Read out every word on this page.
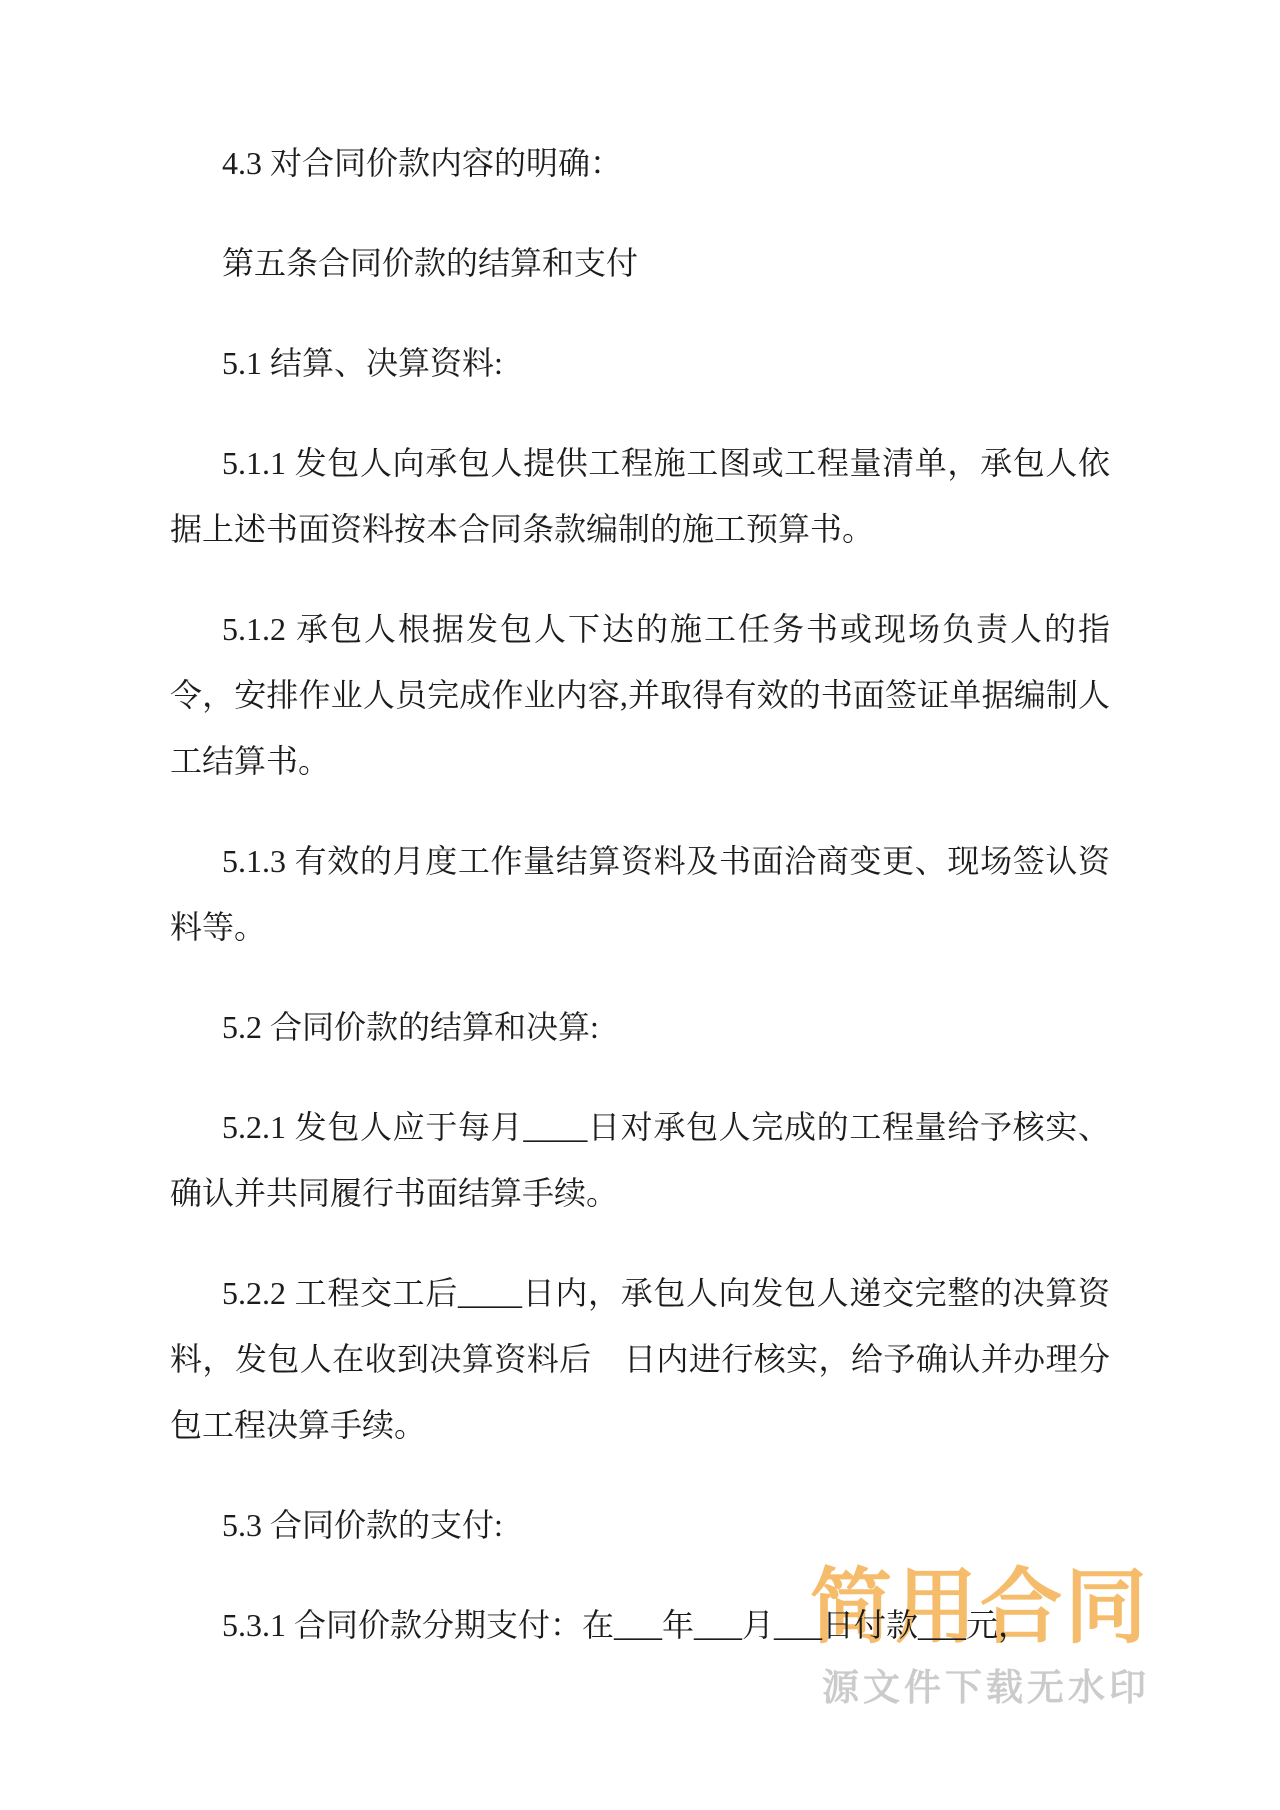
简用合同
源文件下载无水印

4.3 对合同价款内容的明确：

第五条合同价款的结算和支付

5.1 结算、决算资料:

5.1.1 发包人向承包人提供工程施工图或工程量清单，承包人依据上述书面资料按本合同条款编制的施工预算书。

5.1.2 承包人根据发包人下达的施工任务书或现场负责人的指令，安排作业人员完成作业内容,并取得有效的书面签证单据编制人工结算书。

5.1.3 有效的月度工作量结算资料及书面洽商变更、现场签认资料等。

5.2 合同价款的结算和决算:

5.2.1 发包人应于每月____日对承包人完成的工程量给予核实、确认并共同履行书面结算手续。

5.2.2 工程交工后____日内，承包人向发包人递交完整的决算资料，发包人在收到决算资料后　日内进行核实，给予确认并办理分包工程决算手续。

5.3 合同价款的支付:

5.3.1 合同价款分期支付：在___年___月___日付款___元，
